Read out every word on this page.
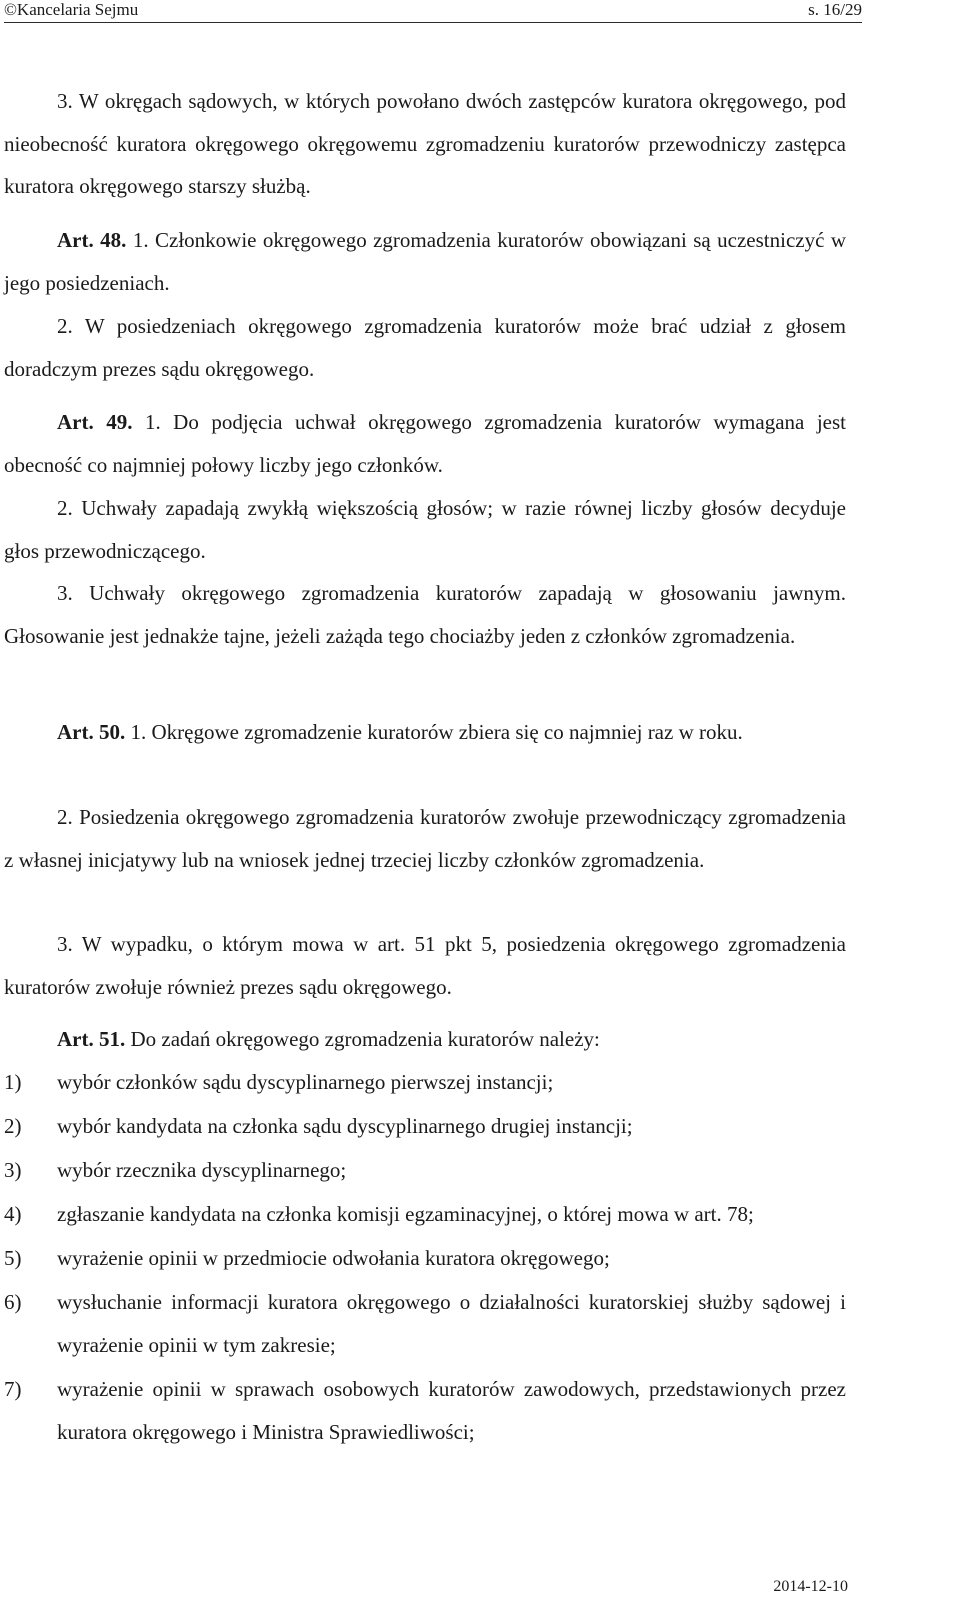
©Kancelaria Sejmu	s. 16/29

3. W okręgach sądowych, w których powołano dwóch zastępców kuratora okręgowego, pod nieobecność kuratora okręgowego okręgowemu zgromadzeniu kuratorów przewodniczy zastępca kuratora okręgowego starszy służbą.

Art. 48. 1. Członkowie okręgowego zgromadzenia kuratorów obowiązani są uczestniczyć w jego posiedzeniach.

2. W posiedzeniach okręgowego zgromadzenia kuratorów może brać udział z głosem doradczym prezes sądu okręgowego.

Art. 49. 1. Do podjęcia uchwał okręgowego zgromadzenia kuratorów wymagana jest obecność co najmniej połowy liczby jego członków.

2. Uchwały zapadają zwykłą większością głosów; w razie równej liczby głosów decyduje głos przewodniczącego.

3. Uchwały okręgowego zgromadzenia kuratorów zapadają w głosowaniu jawnym. Głosowanie jest jednakże tajne, jeżeli zażąda tego chociażby jeden z członków zgromadzenia.

Art. 50. 1. Okręgowe zgromadzenie kuratorów zbiera się co najmniej raz w roku.

2. Posiedzenia okręgowego zgromadzenia kuratorów zwołuje przewodniczący zgromadzenia z własnej inicjatywy lub na wniosek jednej trzeciej liczby członków zgromadzenia.

3. W wypadku, o którym mowa w art. 51 pkt 5, posiedzenia okręgowego zgromadzenia kuratorów zwołuje również prezes sądu okręgowego.

Art. 51. Do zadań okręgowego zgromadzenia kuratorów należy:

1)	wybór członków sądu dyscyplinarnego pierwszej instancji;
2)	wybór kandydata na członka sądu dyscyplinarnego drugiej instancji;
3)	wybór rzecznika dyscyplinarnego;
4)	zgłaszanie kandydata na członka komisji egzaminacyjnej, o której mowa w art. 78;
5)	wyrażenie opinii w przedmiocie odwołania kuratora okręgowego;
6)	wysłuchanie informacji kuratora okręgowego o działalności kuratorskiej służby sądowej i wyrażenie opinii w tym zakresie;
7)	wyrażenie opinii w sprawach osobowych kuratorów zawodowych, przedstawionych przez kuratora okręgowego i Ministra Sprawiedliwości;
2014-12-10
